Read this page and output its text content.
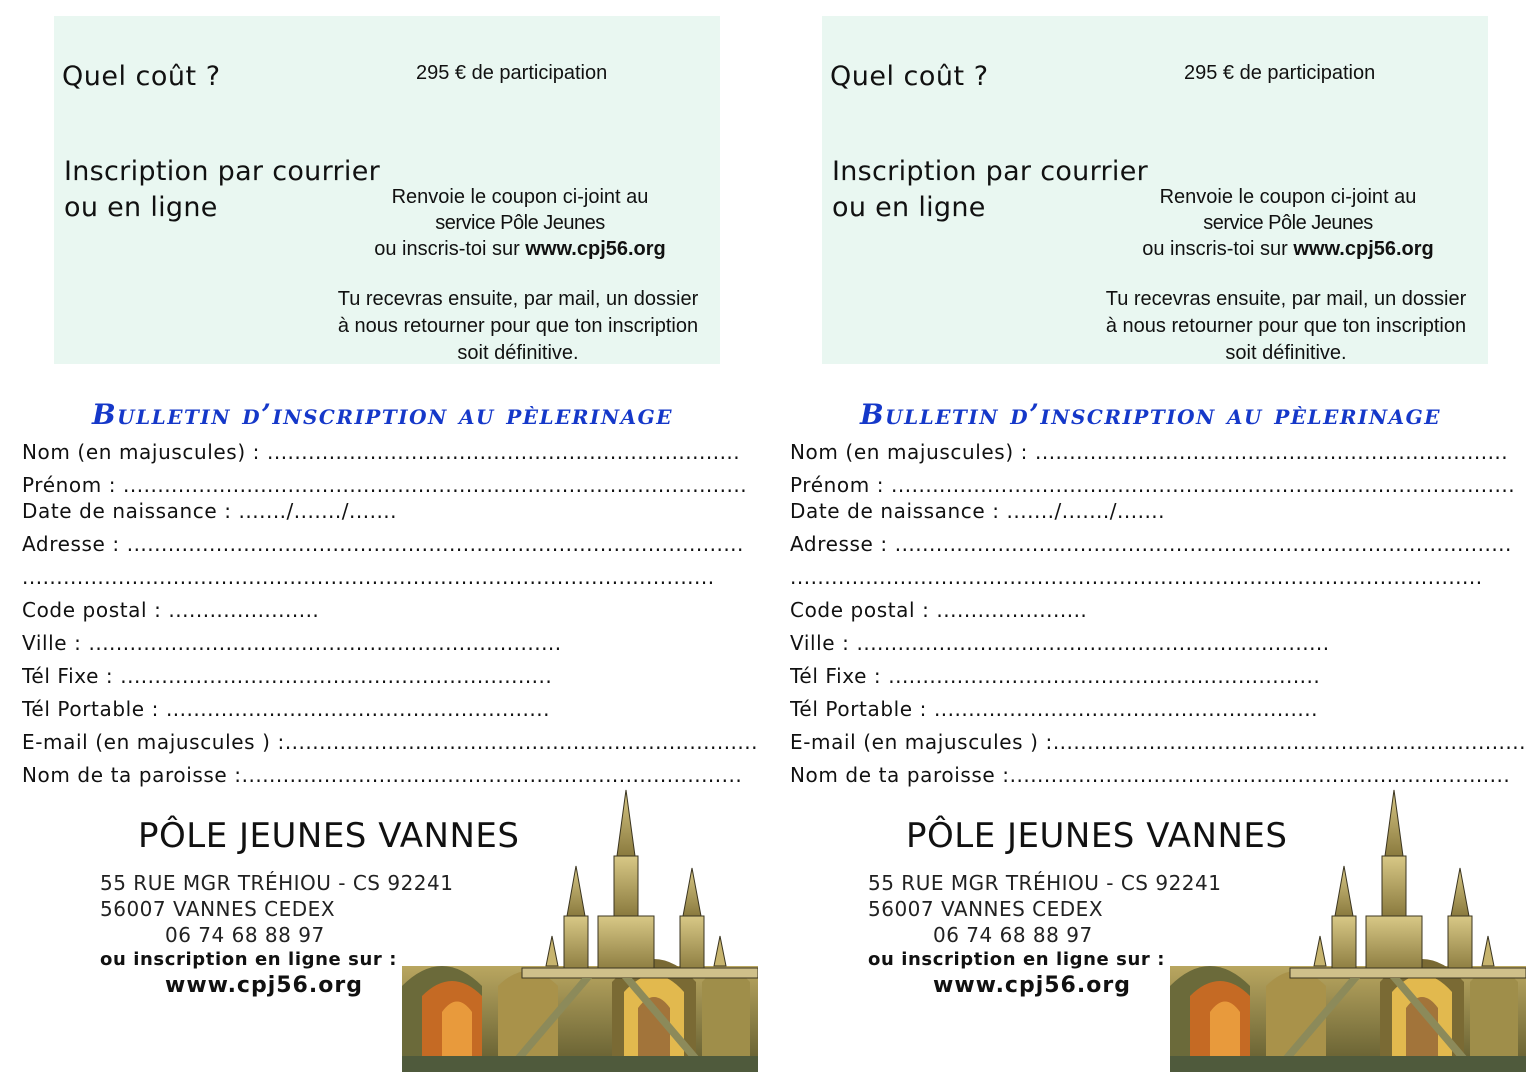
Quel coût ?	295 € de participation
Inscription par courrier
ou en ligne	Renvoie le coupon ci-joint au
service Pôle Jeunes
ou inscris-toi sur www.cpj56.org
Tu recevras ensuite, par mail, un dossier
à nous retourner pour que ton inscription
soit définitive.
Bulletin d’inscription au pèlerinage
Nom (en majuscules) : .....................................................................
Prénom : ...........................................................................................
Date de naissance : ......./......./.......
Adresse : ..........................................................................................
.....................................................................................................
Code postal : ......................
Ville : .....................................................................
Tél Fixe : ...............................................................
Tél Portable : ........................................................
E-mail (en majuscules ) :.....................................................................
Nom de ta paroisse :.........................................................................
PÔLE JEUNES VANNES
55 RUE MGR TRÉHIOU - CS 92241
56007 VANNES CEDEX
06 74 68 88 97
ou inscription en ligne sur :
www.cpj56.org
Quel coût ?	295 € de participation
Inscription par courrier
ou en ligne	Renvoie le coupon ci-joint au
service Pôle Jeunes
ou inscris-toi sur www.cpj56.org
Tu recevras ensuite, par mail, un dossier
à nous retourner pour que ton inscription
soit définitive.
Bulletin d’inscription au pèlerinage
Nom (en majuscules) : .....................................................................
Prénom : ...........................................................................................
Date de naissance : ......./......./.......
Adresse : ..........................................................................................
.....................................................................................................
Code postal : ......................
Ville : .....................................................................
Tél Fixe : ...............................................................
Tél Portable : ........................................................
E-mail (en majuscules ) :.....................................................................
Nom de ta paroisse :.........................................................................
PÔLE JEUNES VANNES
55 RUE MGR TRÉHIOU - CS 92241
56007 VANNES CEDEX
06 74 68 88 97
ou inscription en ligne sur :
www.cpj56.org
